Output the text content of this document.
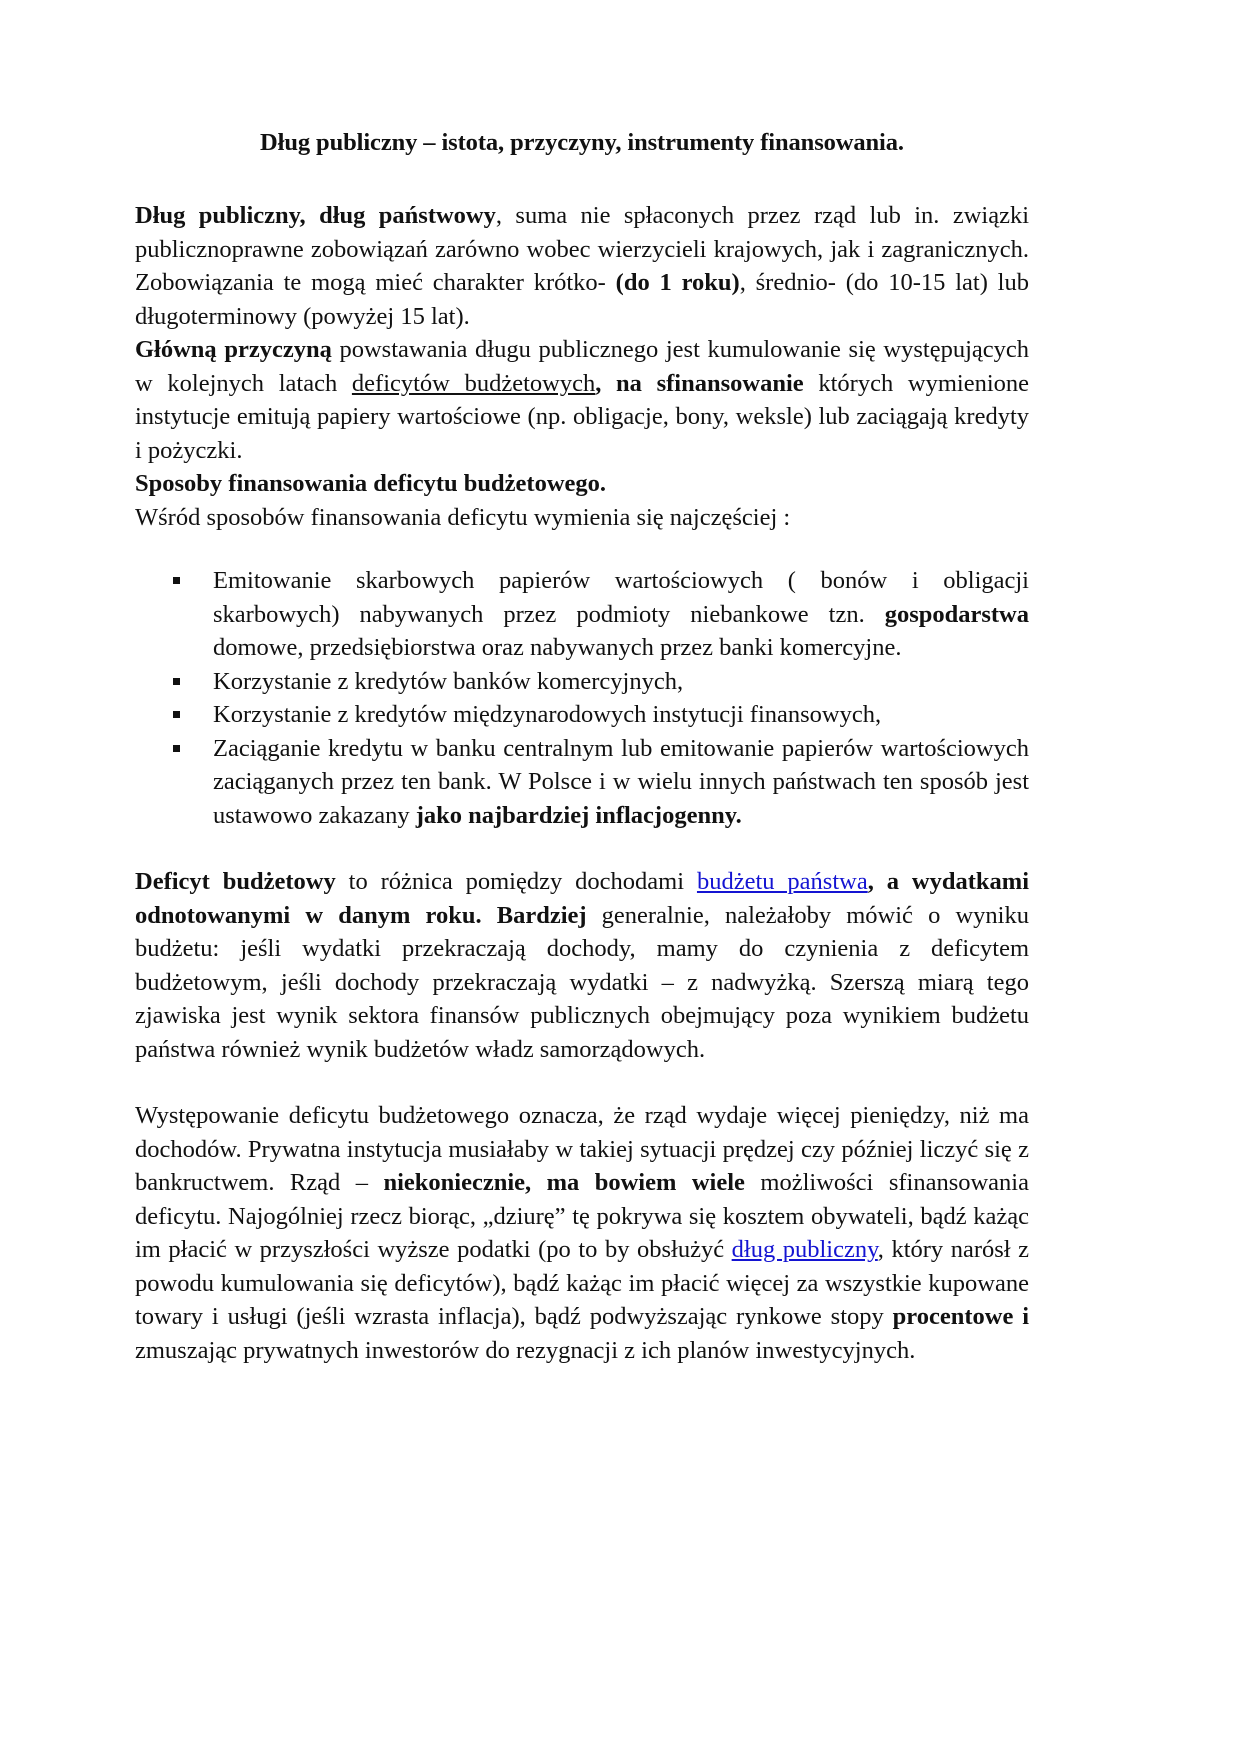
Dług publiczny – istota, przyczyny, instrumenty finansowania.

Dług publiczny, dług państwowy, suma nie spłaconych przez rząd lub in. związki publicznoprawne zobowiązań zarówno wobec wierzycieli krajowych, jak i zagranicznych. Zobowiązania te mogą mieć charakter krótko- (do 1 roku), średnio- (do 10-15 lat) lub długoterminowy (powyżej 15 lat).

Główną przyczyną powstawania długu publicznego jest kumulowanie się występujących w kolejnych latach deficytów budżetowych, na sfinansowanie których wymienione instytucje emitują papiery wartościowe (np. obligacje, bony, weksle) lub zaciągają kredyty i pożyczki.

Sposoby finansowania deficytu budżetowego.

Wśród sposobów finansowania deficytu wymienia się najczęściej :

Emitowanie skarbowych papierów wartościowych ( bonów i obligacji skarbowych) nabywanych przez podmioty niebankowe tzn. gospodarstwa domowe, przedsiębiorstwa oraz nabywanych przez banki komercyjne.
Korzystanie z kredytów banków komercyjnych,
Korzystanie z kredytów międzynarodowych instytucji finansowych,
Zaciąganie kredytu w banku centralnym lub emitowanie papierów wartościowych zaciąganych przez ten bank. W Polsce i w wielu innych państwach ten sposób jest ustawowo zakazany jako najbardziej inflacjogenny.

Deficyt budżetowy to różnica pomiędzy dochodami budżetu państwa, a wydatkami odnotowanymi w danym roku. Bardziej generalnie, należałoby mówić o wyniku budżetu: jeśli wydatki przekraczają dochody, mamy do czynienia z deficytem budżetowym, jeśli dochody przekraczają wydatki – z nadwyżką. Szerszą miarą tego zjawiska jest wynik sektora finansów publicznych obejmujący poza wynikiem budżetu państwa również wynik budżetów władz samorządowych.

Występowanie deficytu budżetowego oznacza, że rząd wydaje więcej pieniędzy, niż ma dochodów. Prywatna instytucja musiałaby w takiej sytuacji prędzej czy później liczyć się z bankructwem. Rząd – niekoniecznie, ma bowiem wiele możliwości sfinansowania deficytu. Najogólniej rzecz biorąc, „dziurę” tę pokrywa się kosztem obywateli, bądź każąc im płacić w przyszłości wyższe podatki (po to by obsłużyć dług publiczny, który narósł z powodu kumulowania się deficytów), bądź każąc im płacić więcej za wszystkie kupowane towary i usługi (jeśli wzrasta inflacja), bądź podwyższając rynkowe stopy procentowe i zmuszając prywatnych inwestorów do rezygnacji z ich planów inwestycyjnych.
